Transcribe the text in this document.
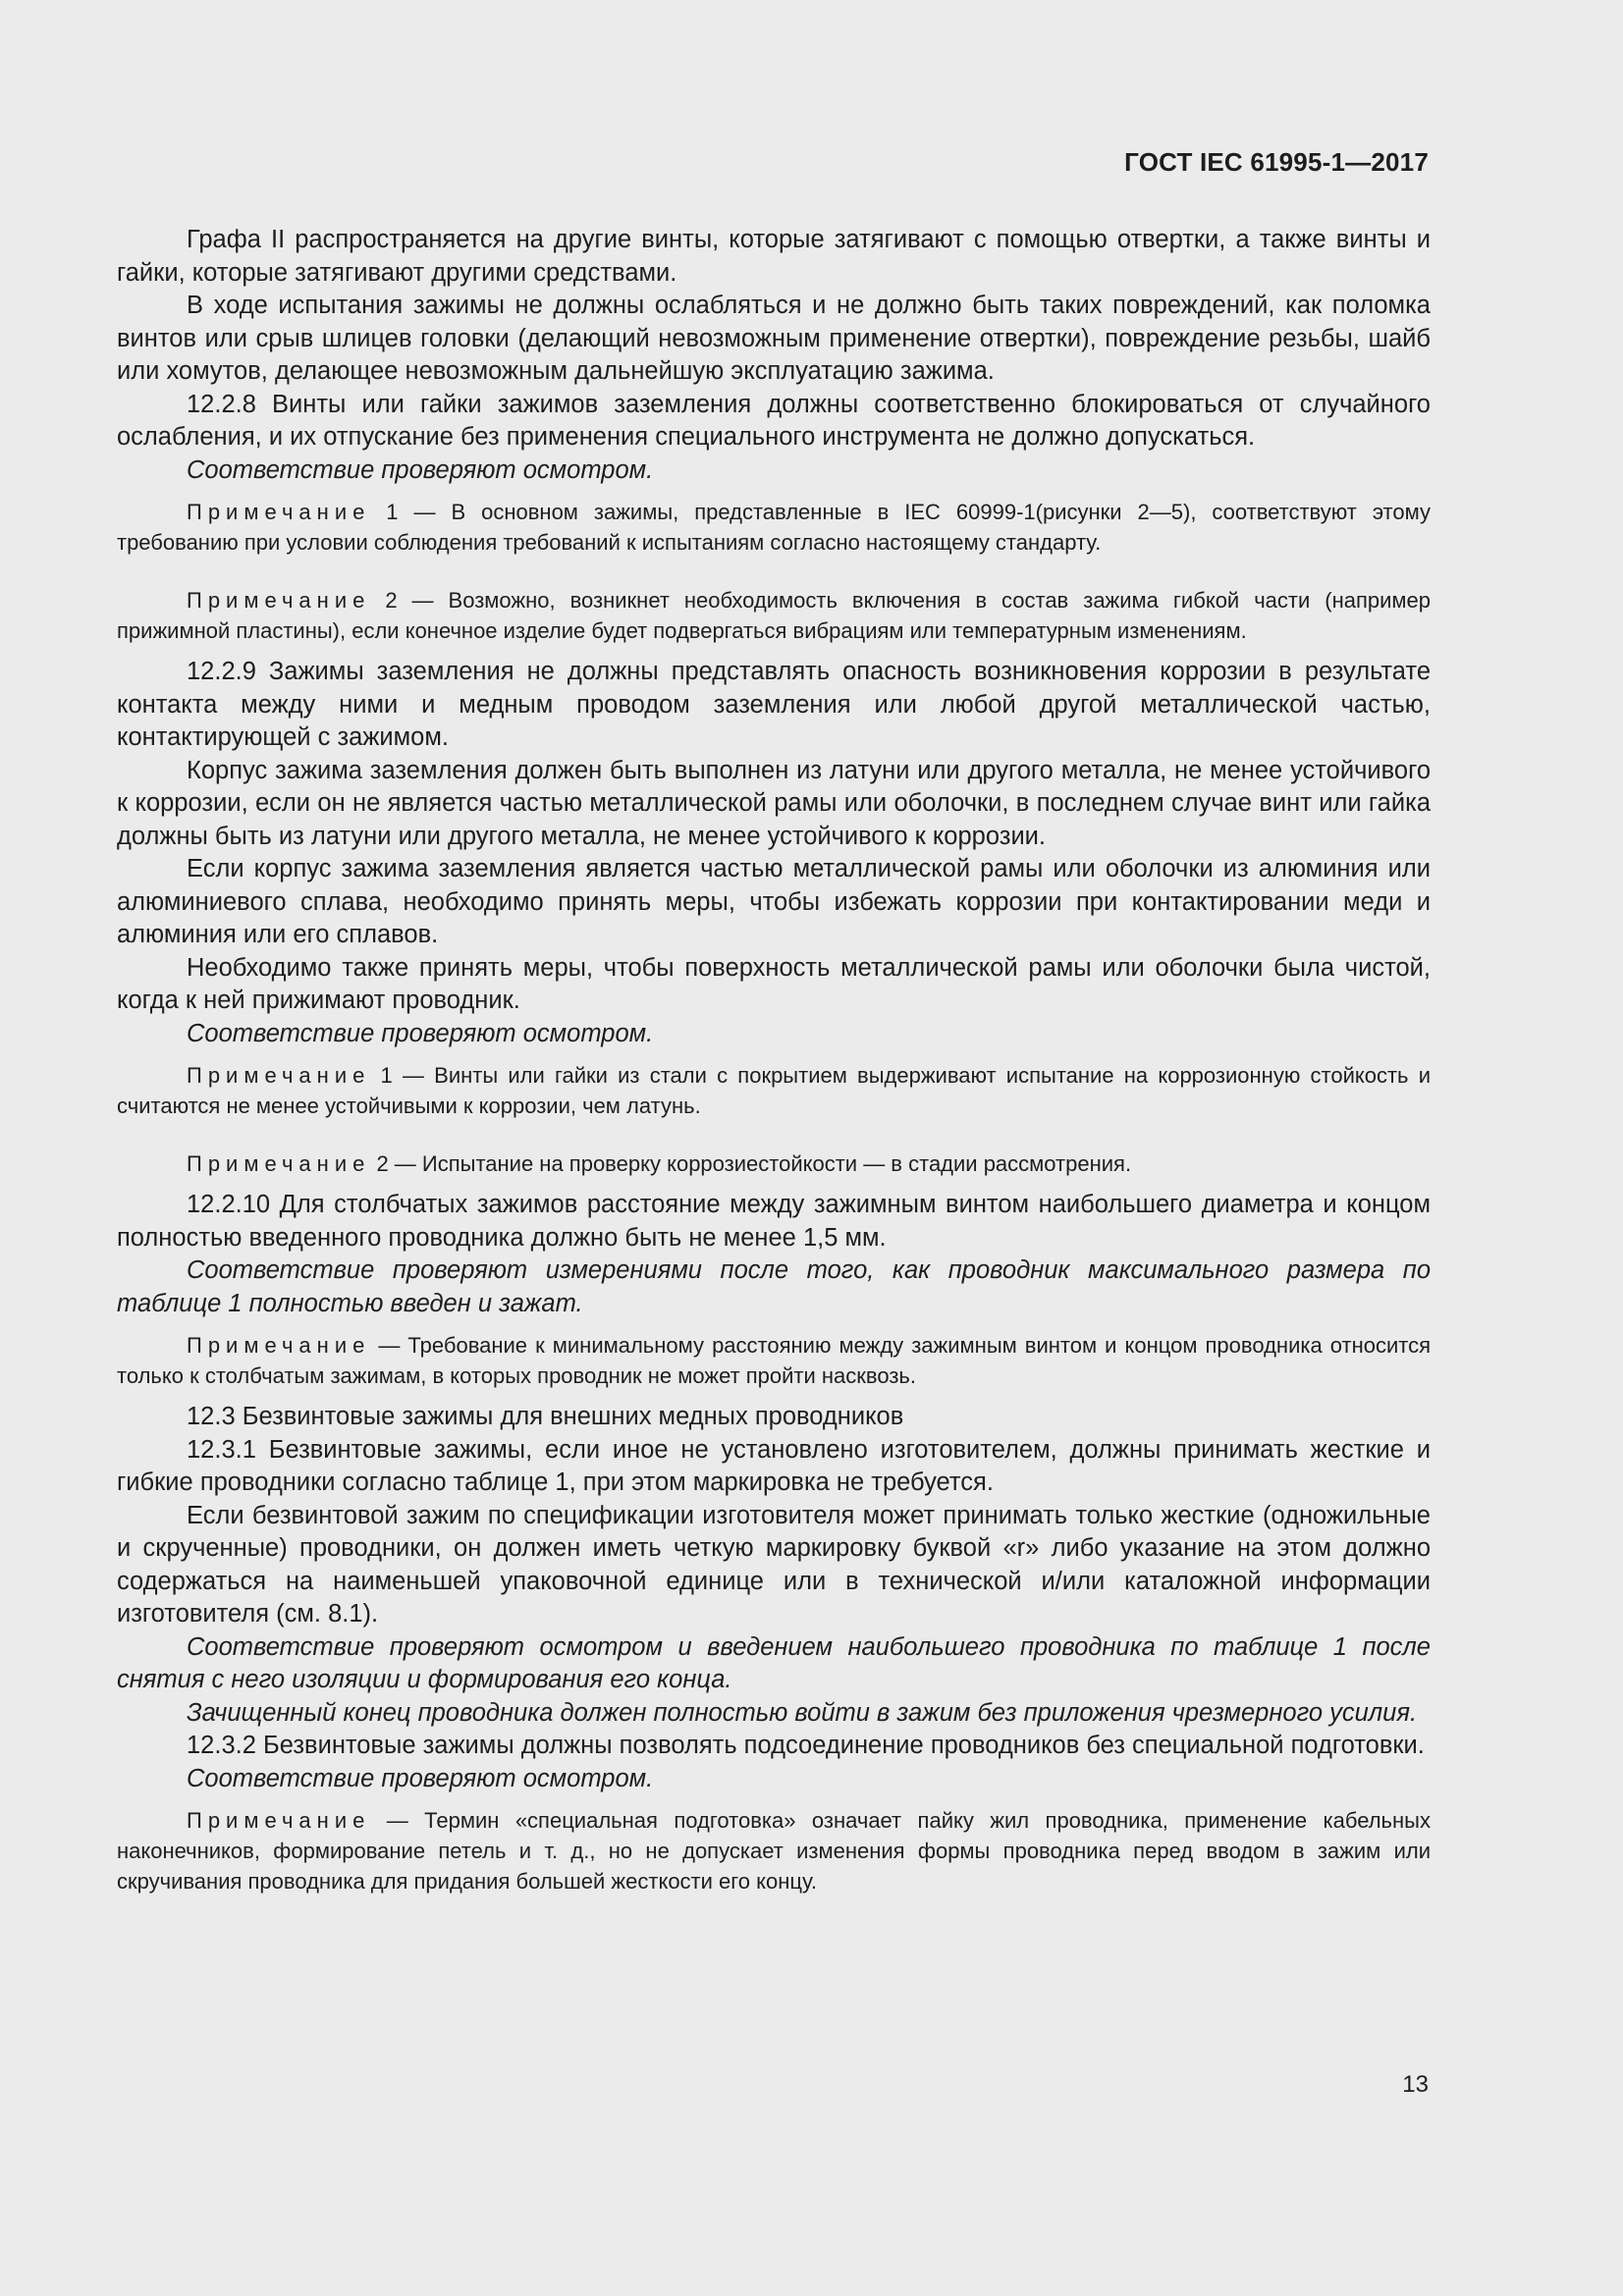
ГОСТ IEC 61995-1—2017

Графа II распространяется на другие винты, которые затягивают с помощью отвертки, а также винты и гайки, которые затягивают другими средствами.

В ходе испытания зажимы не должны ослабляться и не должно быть таких повреждений, как поломка винтов или срыв шлицев головки (делающий невозможным применение отвертки), повреждение резьбы, шайб или хомутов, делающее невозможным дальнейшую эксплуатацию зажима.

12.2.8 Винты или гайки зажимов заземления должны соответственно блокироваться от случайного ослабления, и их отпускание без применения специального инструмента не должно допускаться.

Соответствие проверяют осмотром.

Примечание 1 — В основном зажимы, представленные в IEC 60999-1(рисунки 2—5), соответствуют этому требованию при условии соблюдения требований к испытаниям согласно настоящему стандарту.

Примечание 2 — Возможно, возникнет необходимость включения в состав зажима гибкой части (например прижимной пластины), если конечное изделие будет подвергаться вибрациям или температурным изменениям.

12.2.9 Зажимы заземления не должны представлять опасность возникновения коррозии в результате контакта между ними и медным проводом заземления или любой другой металлической частью, контактирующей с зажимом.

Корпус зажима заземления должен быть выполнен из латуни или другого металла, не менее устойчивого к коррозии, если он не является частью металлической рамы или оболочки, в последнем случае винт или гайка должны быть из латуни или другого металла, не менее устойчивого к коррозии.

Если корпус зажима заземления является частью металлической рамы или оболочки из алюминия или алюминиевого сплава, необходимо принять меры, чтобы избежать коррозии при контактировании меди и алюминия или его сплавов.

Необходимо также принять меры, чтобы поверхность металлической рамы или оболочки была чистой, когда к ней прижимают проводник.

Соответствие проверяют осмотром.

Примечание 1 — Винты или гайки из стали с покрытием выдерживают испытание на коррозионную стойкость и считаются не менее устойчивыми к коррозии, чем латунь.

Примечание 2 — Испытание на проверку коррозиестойкости — в стадии рассмотрения.

12.2.10 Для столбчатых зажимов расстояние между зажимным винтом наибольшего диаметра и концом полностью введенного проводника должно быть не менее 1,5 мм.

Соответствие проверяют измерениями после того, как проводник максимального размера по таблице 1 полностью введен и зажат.

Примечание — Требование к минимальному расстоянию между зажимным винтом и концом проводника относится только к столбчатым зажимам, в которых проводник не может пройти насквозь.

12.3 Безвинтовые зажимы для внешних медных проводников

12.3.1 Безвинтовые зажимы, если иное не установлено изготовителем, должны принимать жесткие и гибкие проводники согласно таблице 1, при этом маркировка не требуется.

Если безвинтовой зажим по спецификации изготовителя может принимать только жесткие (одножильные и скрученные) проводники, он должен иметь четкую маркировку буквой «r» либо указание на этом должно содержаться на наименьшей упаковочной единице или в технической и/или каталожной информации изготовителя (см. 8.1).

Соответствие проверяют осмотром и введением наибольшего проводника по таблице 1 после снятия с него изоляции и формирования его конца.

Зачищенный конец проводника должен полностью войти в зажим без приложения чрезмерного усилия.

12.3.2 Безвинтовые зажимы должны позволять подсоединение проводников без специальной подготовки.

Соответствие проверяют осмотром.

Примечание — Термин «специальная подготовка» означает пайку жил проводника, применение кабельных наконечников, формирование петель и т. д., но не допускает изменения формы проводника перед вводом в зажим или скручивания проводника для придания большей жесткости его концу.

13
